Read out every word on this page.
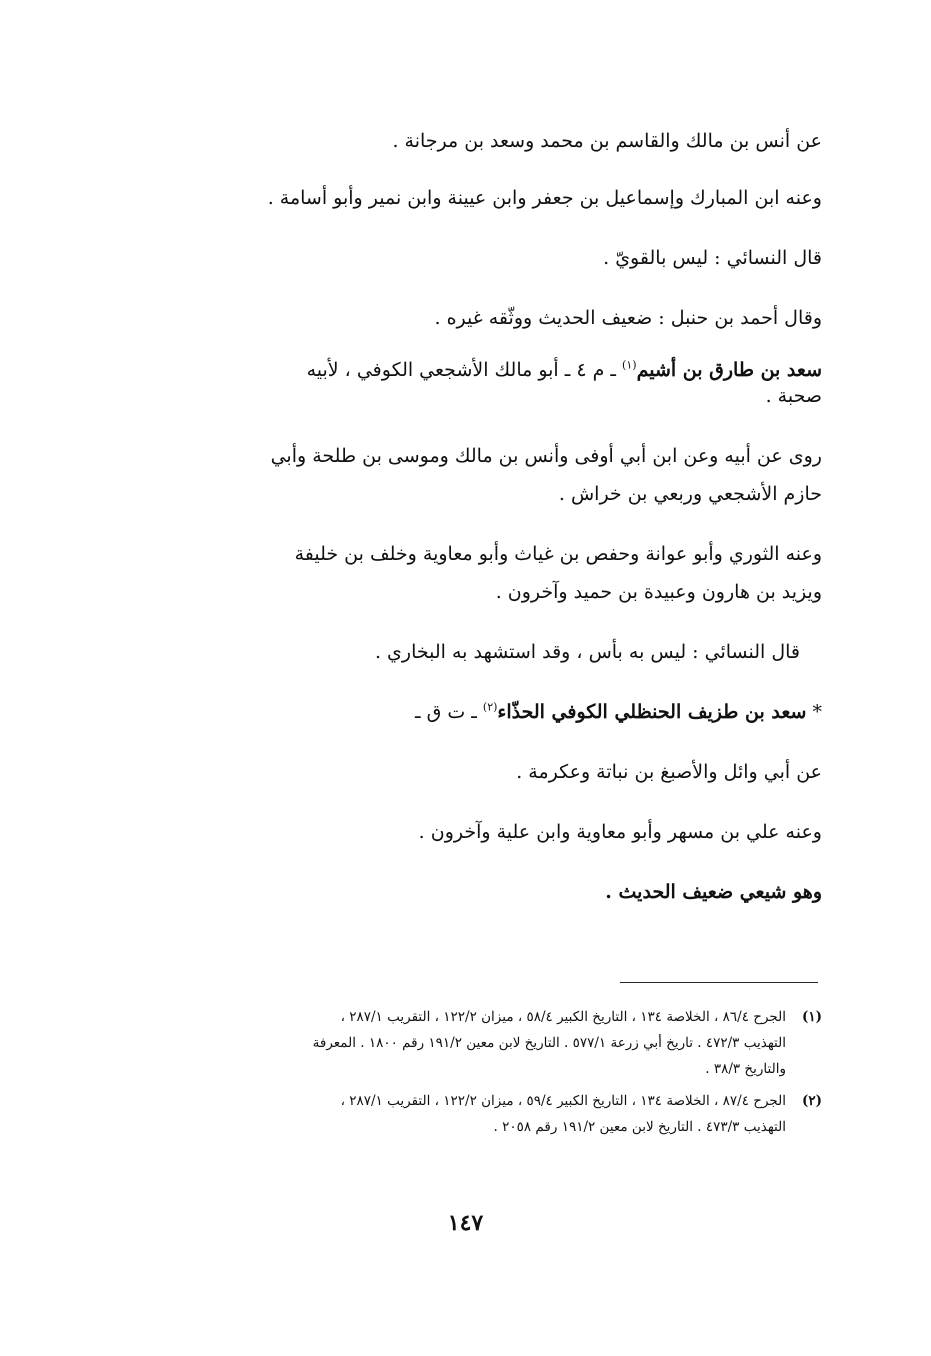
عن أنس بن مالك والقاسم بن محمد وسعد بن مرجانة .

وعنه ابن المبارك وإسماعيل بن جعفر وابن عيينة وابن نمير وأبو أسامة .

قال النسائي : ليس بالقويّ .

وقال أحمد بن حنبل : ضعيف الحديث ووثّقه غيره .

سعد بن طارق بن أشيم$^{(١)}$ ـ م ٤ ـ أبو مالك الأشجعي الكوفي ، لأبيه
صحبة .

روى عن أبيه وعن ابن أبي أوفى وأنس بن مالك وموسى بن طلحة وأبي
حازم الأشجعي وربعي بن خراش .

وعنه الثوري وأبو عوانة وحفص بن غياث وأبو معاوية وخلف بن خليفة
ويزيد بن هارون وعبيدة بن حميد وآخرون .

قال النسائي : ليس به بأس ، وقد استشهد به البخاري .

* سعد بن طزيف الحنظلي الكوفي الحذّاء$^{(٢)}$ ـ ت ق ـ

عن أبي وائل والأصبغ بن نباتة وعكرمة .

وعنه علي بن مسهر وأبو معاوية وابن علية وآخرون .

وهو شيعي ضعيف الحديث .

(١)
الجرح ٨٦/٤ ، الخلاصة ١٣٤ ، التاريخ الكبير ٥٨/٤ ، ميزان ١٢٢/٢ ، التقريب ٢٨٧/١ ،
التهذيب ٤٧٢/٣ . تاريخ أبي زرعة ٥٧٧/١ . التاريخ لابن معين ١٩١/٢ رقم ١٨٠٠ . المعرفة
والتاريخ ٣٨/٣ .
(٢)
الجرح ٨٧/٤ ، الخلاصة ١٣٤ ، التاريخ الكبير ٥٩/٤ ، ميزان ١٢٢/٢ ، التقريب ٢٨٧/١ ،
التهذيب ٤٧٣/٣ . التاريخ لابن معين ١٩١/٢ رقم ٢٠٥٨ .
١٤٧
